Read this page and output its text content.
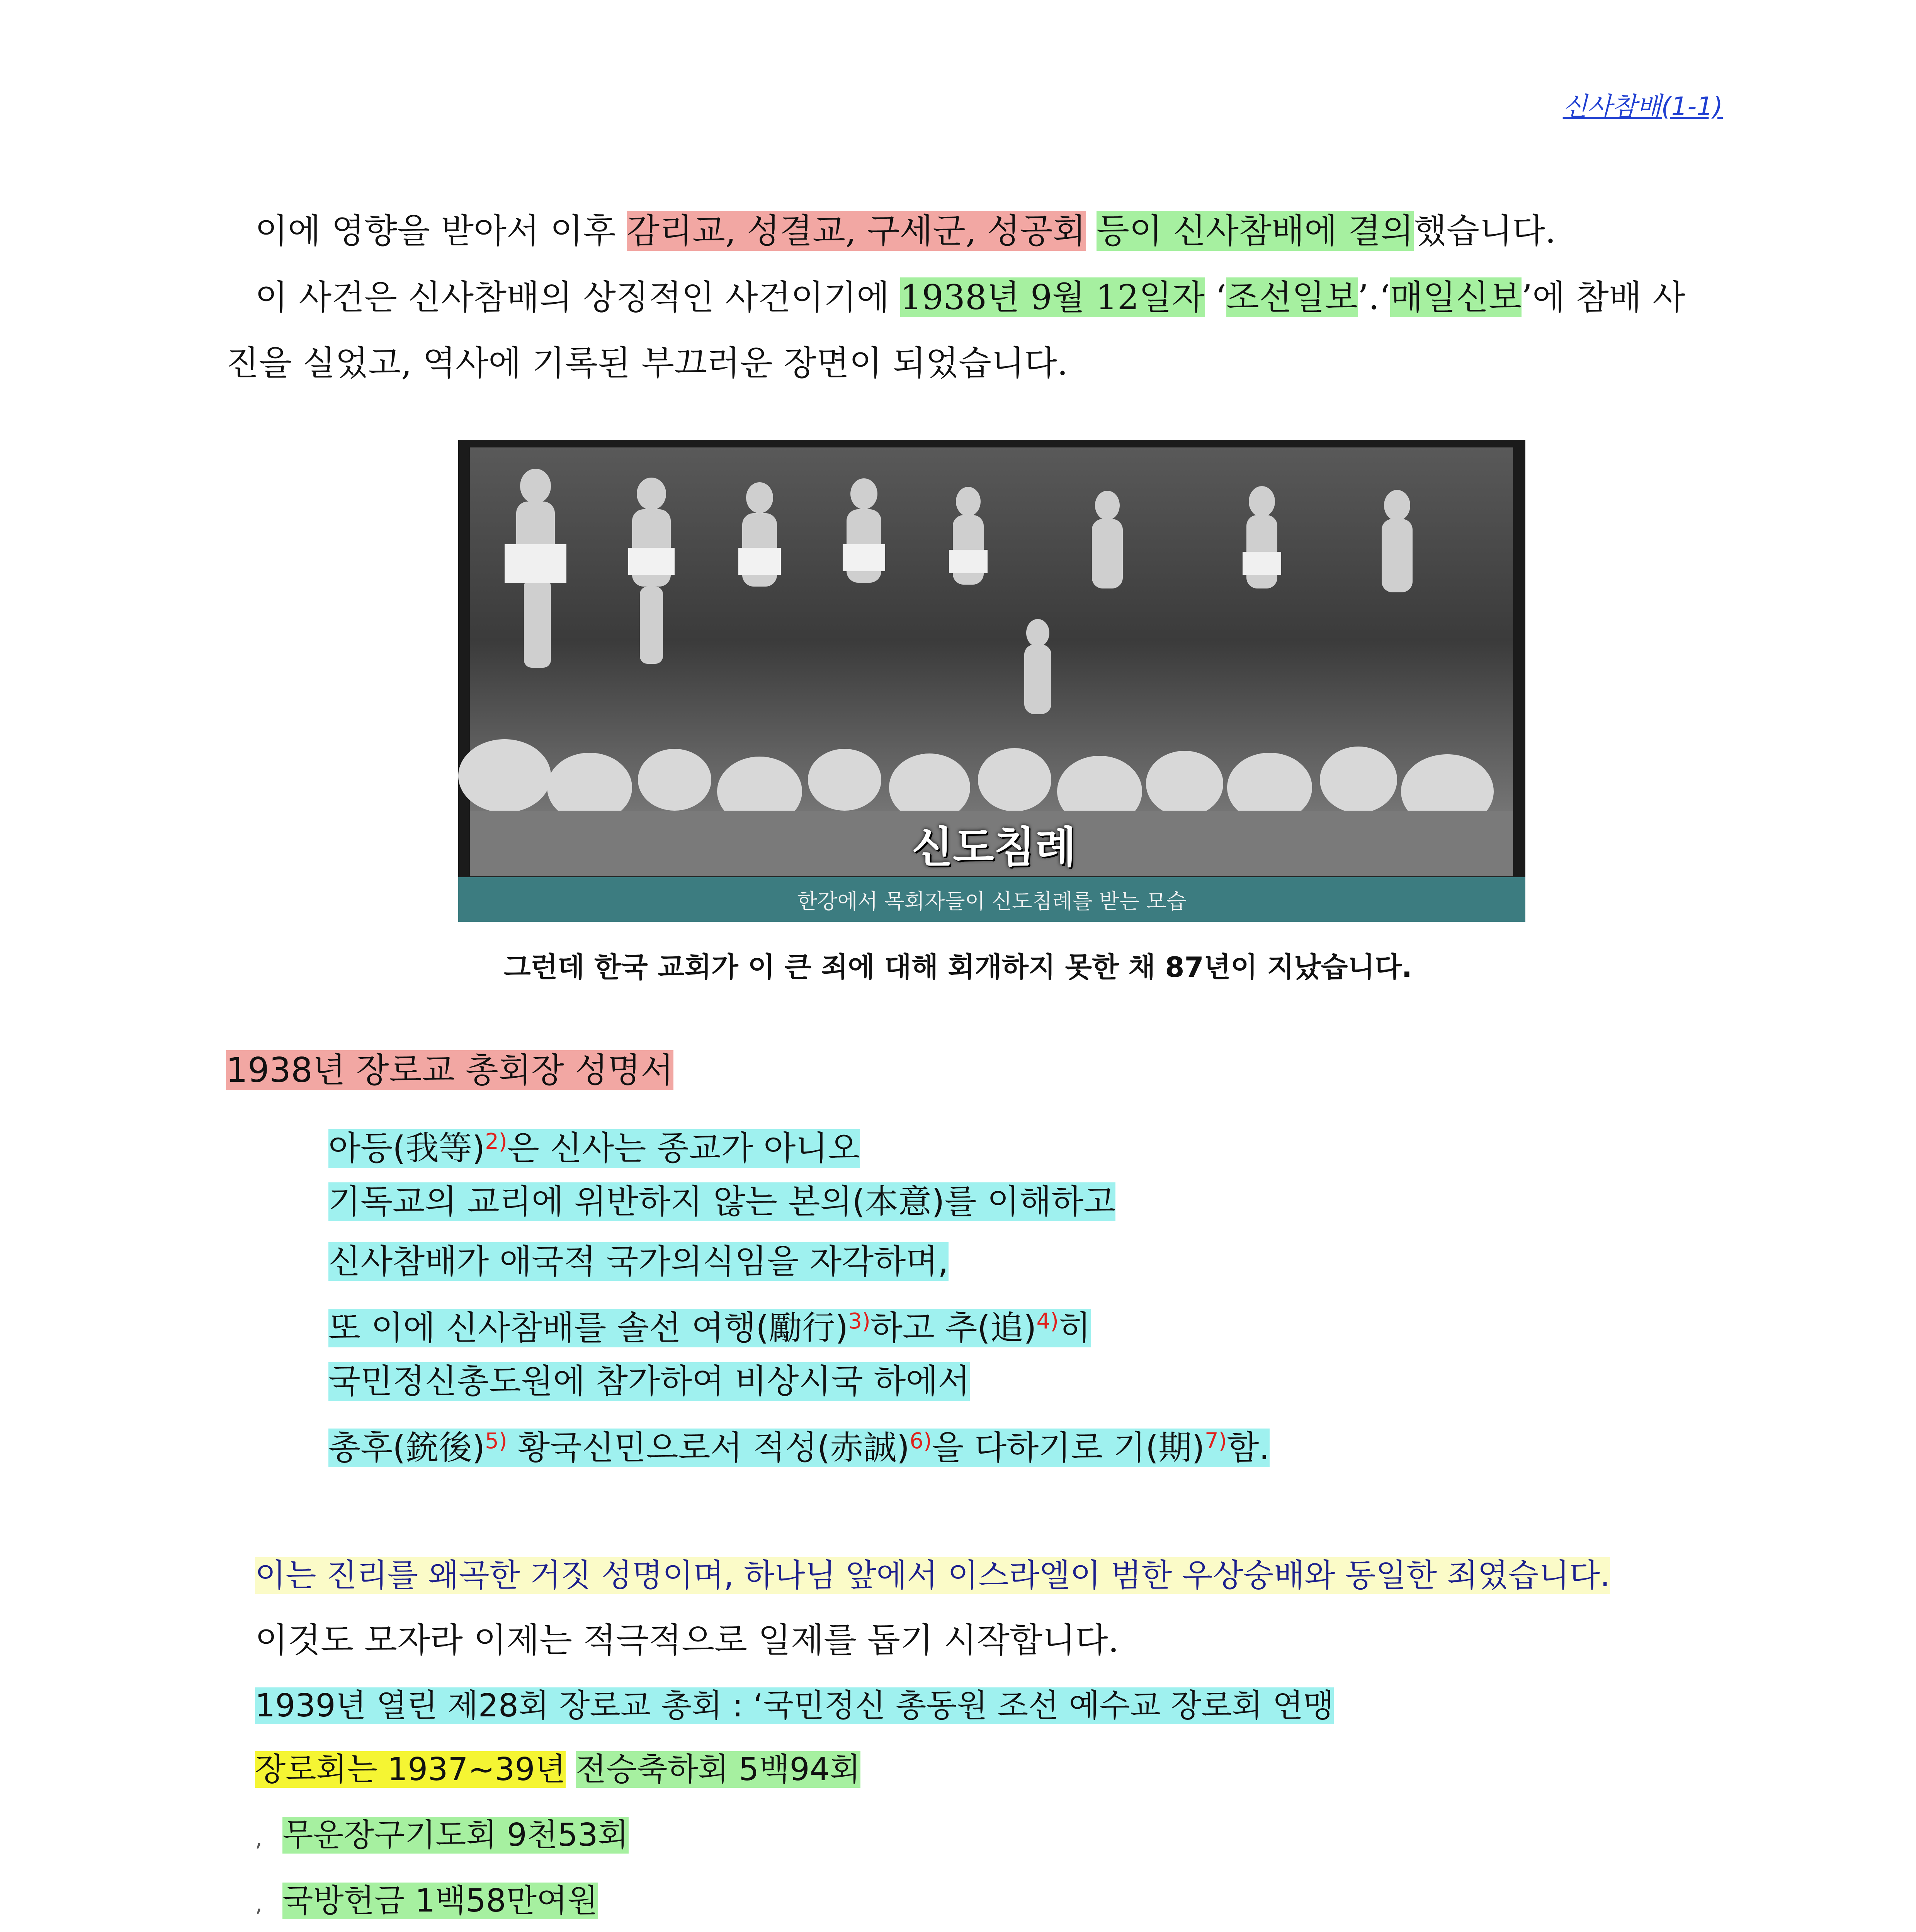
신사참배(1-1)
이에 영향을 받아서 이후 감리교, 성결교, 구세군, 성공회 등이 신사참배에 결의했습니다.
이 사건은 신사참배의 상징적인 사건이기에 1938년 9월 12일자 ‘조선일보’.‘매일신보’에 참배 사
진을 실었고, 역사에 기록된 부끄러운 장면이 되었습니다.
신도침례
한강에서 목회자들이 신도침례를 받는 모습
그런데 한국 교회가 이 큰 죄에 대해 회개하지 못한 채 87년이 지났습니다.
1938년 장로교 총회장 성명서
아등(我等)$^{2)}$은 신사는 종교가 아니오
기독교의 교리에 위반하지 않는 본의(本意)를 이해하고
신사참배가 애국적 국가의식임을 자각하며,
또 이에 신사참배를 솔선 여행(勵行)$^{3)}$하고 추(追)$^{4)}$히
국민정신총도원에 참가하여 비상시국 하에서
총후(銃後)$^{5)}$ 황국신민으로서 적성(赤誠)$^{6)}$을 다하기로 기(期)$^{7)}$함.
이는 진리를 왜곡한 거짓 성명이며, 하나님 앞에서 이스라엘이 범한 우상숭배와 동일한 죄였습니다.
이것도 모자라 이제는 적극적으로 일제를 돕기 시작합니다.
1939년 열린 제28회 장로교 총회 : ‘국민정신 총동원 조선 예수교 장로회 연맹
장로회는 1937~39년 전승축하회 5백94회
, 무운장구기도회 9천53회
, 국방헌금 1백58만여원
